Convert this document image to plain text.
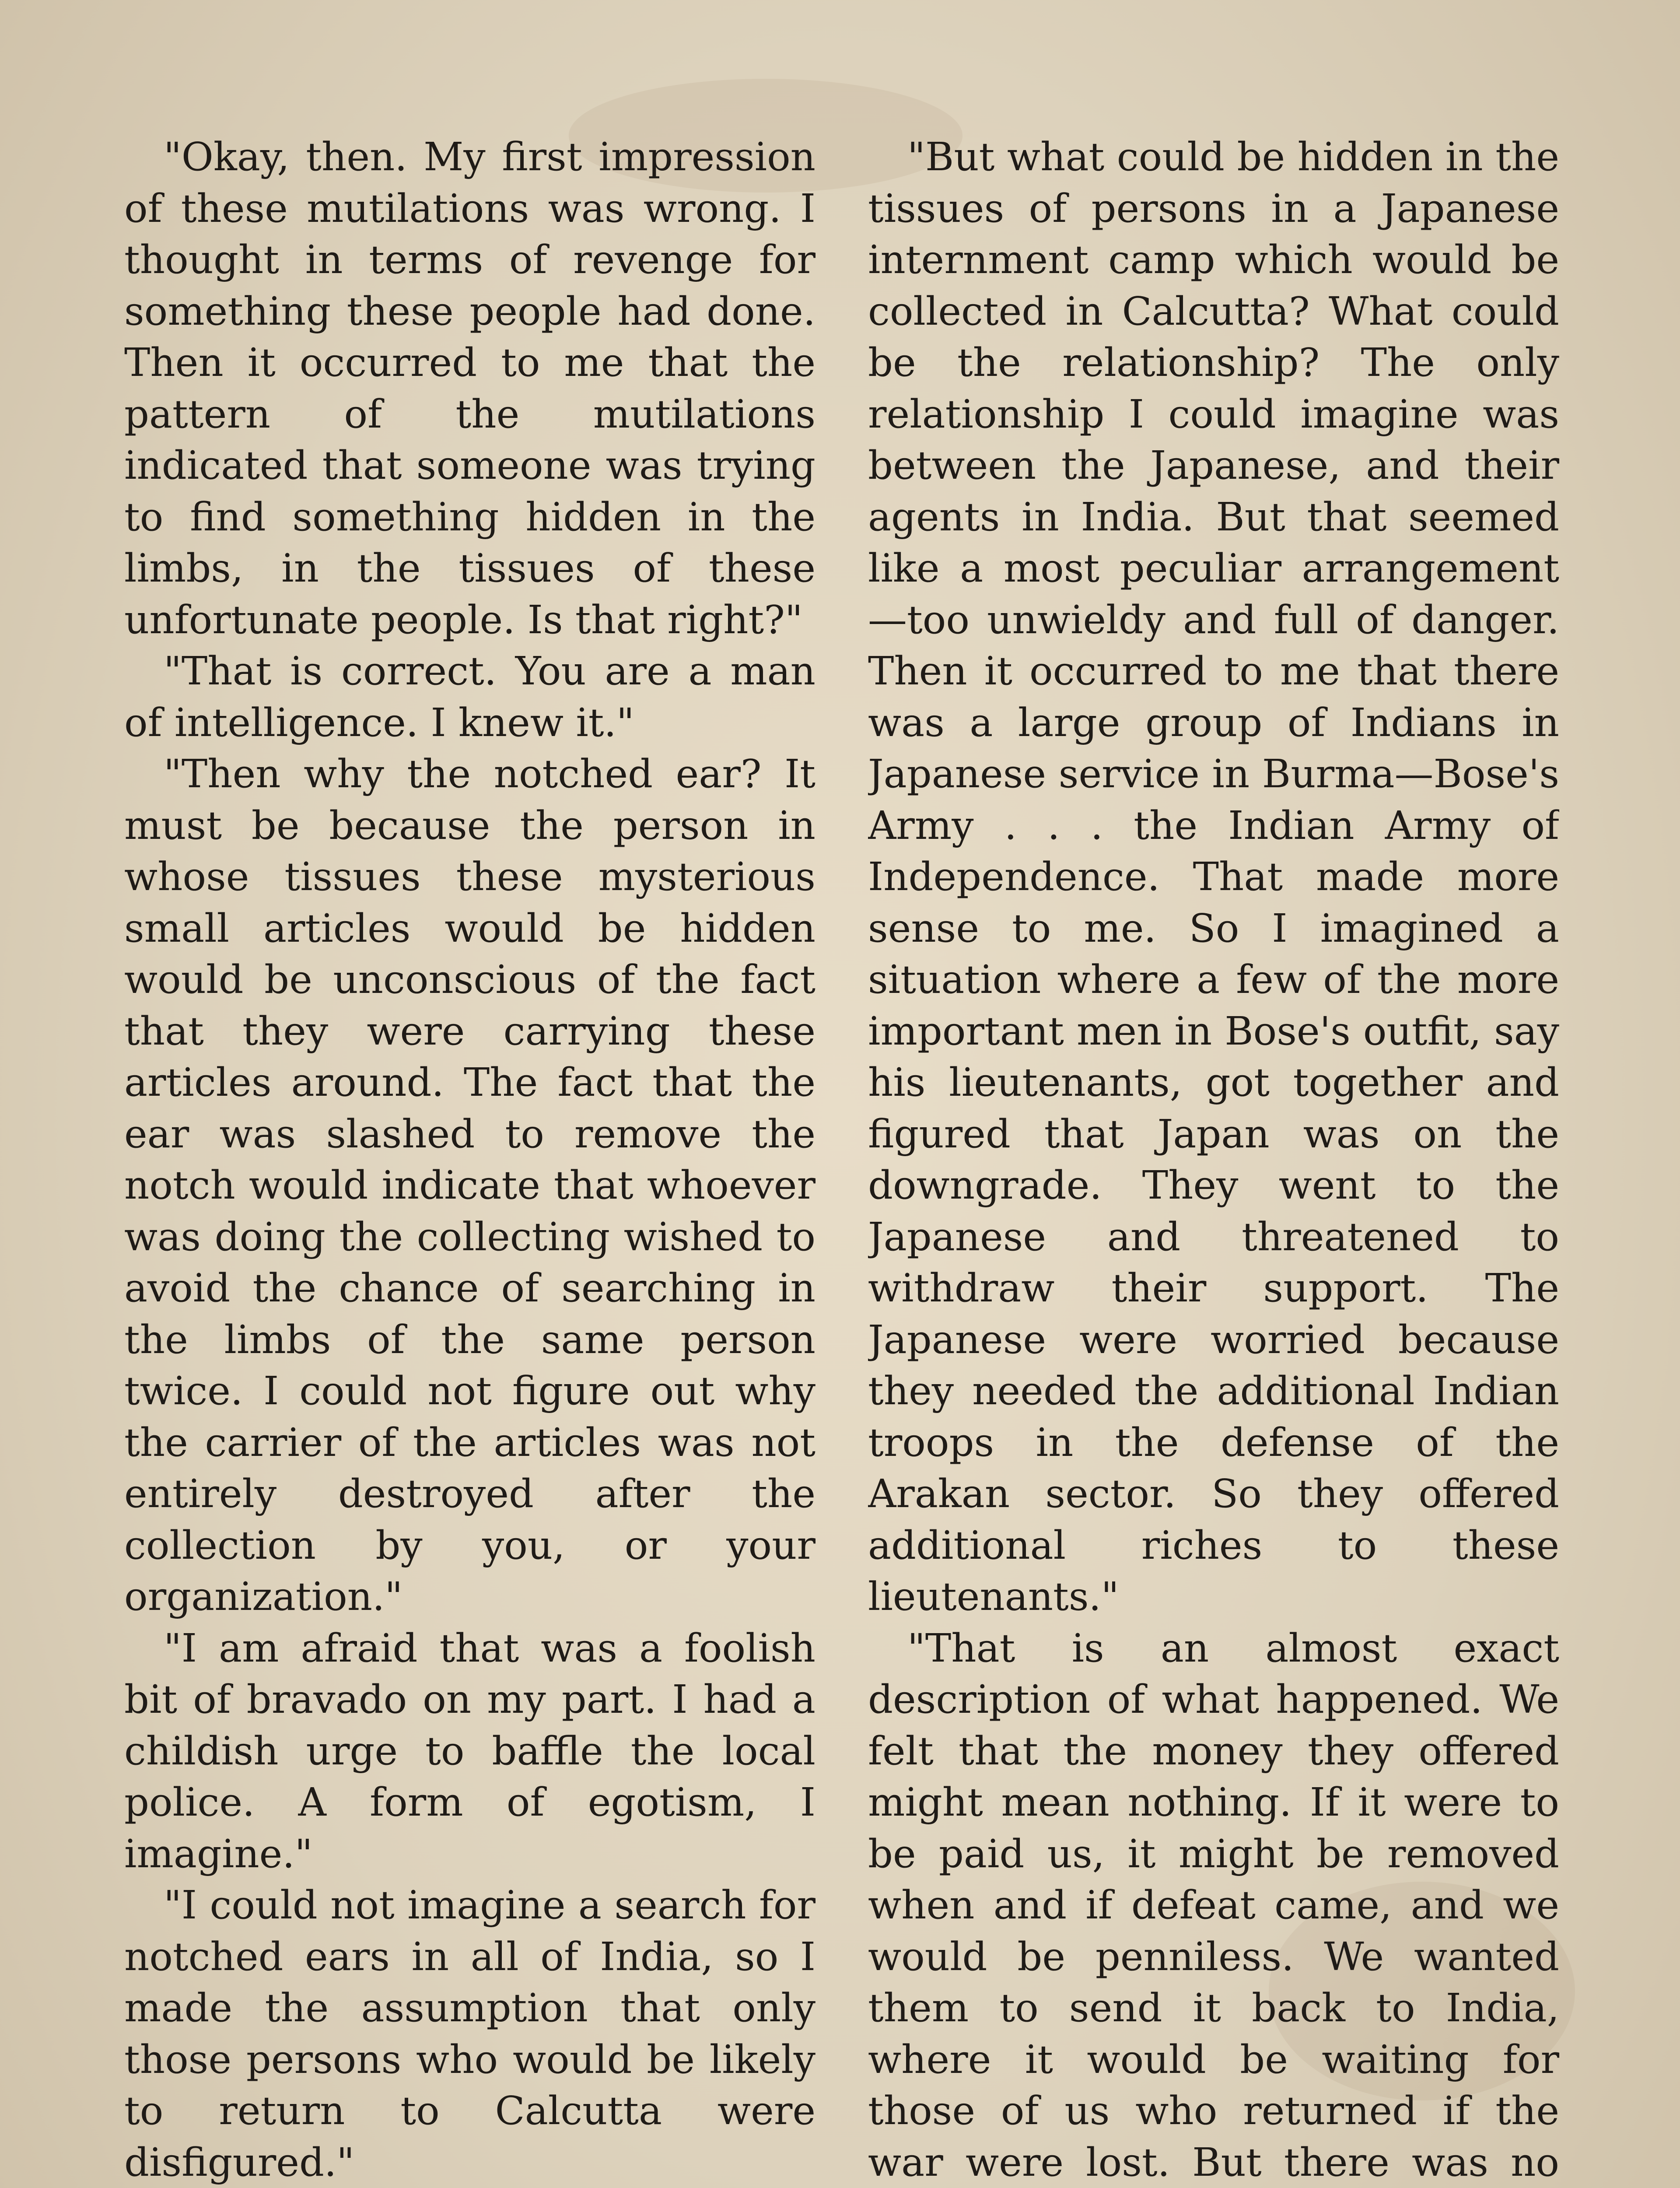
"Okay, then. My first impression of these mutilations was wrong. I thought in terms of revenge for something these people had done. Then it occurred to me that the pattern of the mutilations indicated that someone was trying to find something hidden in the limbs, in the tissues of these unfortunate people. Is that right?"

"That is correct. You are a man of intelligence. I knew it."

"Then why the notched ear? It must be because the person in whose tissues these mysterious small articles would be hidden would be unconscious of the fact that they were carrying these articles around. The fact that the ear was slashed to remove the notch would indicate that whoever was doing the collecting wished to avoid the chance of searching in the limbs of the same person twice. I could not figure out why the carrier of the articles was not entirely destroyed after the collection by you, or your organization."

"I am afraid that was a foolish bit of bravado on my part. I had a childish urge to baffle the local police. A form of egotism, I imagine."

"I could not imagine a search for notched ears in all of India, so I made the assumption that only those persons who would be likely to return to Calcutta were disfigured."

"But what could be hidden in the tissues of persons in a Japanese internment camp which would be collected in Calcutta? What could be the relationship? The only relationship I could imagine was between the Japanese, and their agents in India. But that seemed like a most peculiar arrangement—too unwieldy and full of danger. Then it occurred to me that there was a large group of Indians in Japanese service in Burma—Bose's Army . . . the Indian Army of Independence. That made more sense to me. So I imagined a situation where a few of the more important men in Bose's outfit, say his lieutenants, got together and figured that Japan was on the downgrade. They went to the Japanese and threatened to withdraw their support. The Japanese were worried because they needed the additional Indian troops in the defense of the Arakan sector. So they offered additional riches to these lieutenants."

"That is an almost exact description of what happened. We felt that the money they offered might mean nothing. If it were to be paid us, it might be removed when and if defeat came, and we would be penniless. We wanted them to send it back to India, where it would be waiting for those of us who returned if the war were lost. But there was no
